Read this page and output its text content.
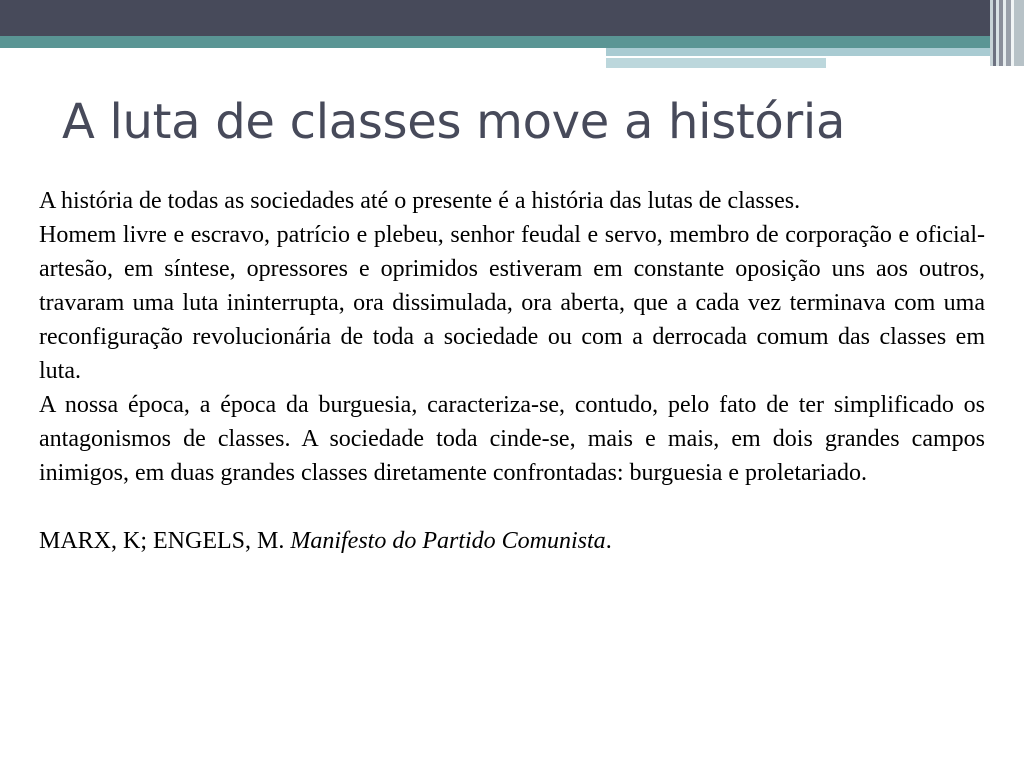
A luta de classes move a história

A história de todas as sociedades até o presente é a história das lutas de classes.

Homem livre e escravo, patrício e plebeu, senhor feudal e servo, membro de corporação e oficial-artesão, em síntese, opressores e oprimidos estiveram em constante oposição uns aos outros, travaram uma luta ininterrupta, ora dissimulada, ora aberta, que a cada vez terminava com uma reconfiguração revolucionária de toda a sociedade ou com a derrocada comum das classes em luta.

A nossa época, a época da burguesia, caracteriza-se, contudo, pelo fato de ter simplificado os antagonismos de classes. A sociedade toda cinde-se, mais e mais, em dois grandes campos inimigos, em duas grandes classes diretamente confrontadas: burguesia e proletariado.

MARX, K; ENGELS, M. Manifesto do Partido Comunista.
